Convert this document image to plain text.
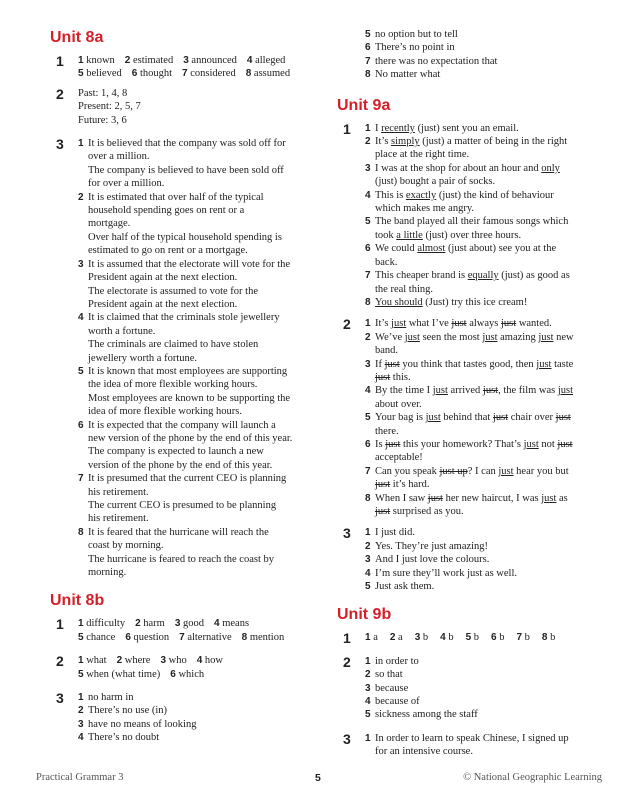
Unit 8a
1 1 known 2 estimated 3 announced 4 alleged
5 believed 6 thought 7 considered 8 assumed
2 Past: 1, 4, 8
Present: 2, 5, 7
Future: 3, 6
3 1 It is believed that the company was sold off for
over a million.
The company is believed to have been sold off
for over a million.
2 It is estimated that over half of the typical
household spending goes on rent or a
mortgage.
Over half of the typical household spending is
estimated to go on rent or a mortgage.
3 It is assumed that the electorate will vote for the
President again at the next election.
The electorate is assumed to vote for the
President again at the next election.
4 It is claimed that the criminals stole jewellery
worth a fortune.
The criminals are claimed to have stolen
jewellery worth a fortune.
5 It is known that most employees are supporting
the idea of more flexible working hours.
Most employees are known to be supporting the
idea of more flexible working hours.
6 It is expected that the company will launch a
new version of the phone by the end of this year.
The company is expected to launch a new
version of the phone by the end of this year.
7 It is presumed that the current CEO is planning
his retirement.
The current CEO is presumed to be planning
his retirement.
8 It is feared that the hurricane will reach the
coast by morning.
The hurricane is feared to reach the coast by
morning.
Unit 8b
1 1 difficulty 2 harm 3 good 4 means
5 chance 6 question 7 alternative 8 mention
2 1 what 2 where 3 who 4 how
5 when (what time) 6 which
3 1 no harm in
2 There’s no use (in)
3 have no means of looking
4 There’s no doubt
5 no option but to tell
6 There’s no point in
7 there was no expectation that
8 No matter what
Unit 9a
1 1 I recently (just) sent you an email.
2 It’s simply (just) a matter of being in the right
place at the right time.
3 I was at the shop for about an hour and only
(just) bought a pair of socks.
4 This is exactly (just) the kind of behaviour
which makes me angry.
5 The band played all their famous songs which
took a little (just) over three hours.
6 We could almost (just about) see you at the
back.
7 This cheaper brand is equally (just) as good as
the real thing.
8 You should (Just) try this ice cream!
2 1 It’s just what I’ve just always just wanted.
2 We’ve just seen the most just amazing just new
band.
3 If just you think that tastes good, then just taste
just this.
4 By the time I just arrived just, the film was just
about over.
5 Your bag is just behind that just chair over just
there.
6 Is just this your homework? That’s just not just
acceptable!
7 Can you speak just up? I can just hear you but
just it’s hard.
8 When I saw just her new haircut, I was just as
just surprised as you.
3 1 I just did.
2 Yes. They’re just amazing!
3 And I just love the colours.
4 I’m sure they’ll work just as well.
5 Just ask them.
Unit 9b
1 1 a 2 a 3 b 4 b 5 b 6 b 7 b 8 b
2 1 in order to
2 so that
3 because
4 because of
5 sickness among the staff
3 1 In order to learn to speak Chinese, I signed up
for an intensive course.
Practical Grammar 3	5	© National Geographic Learning
